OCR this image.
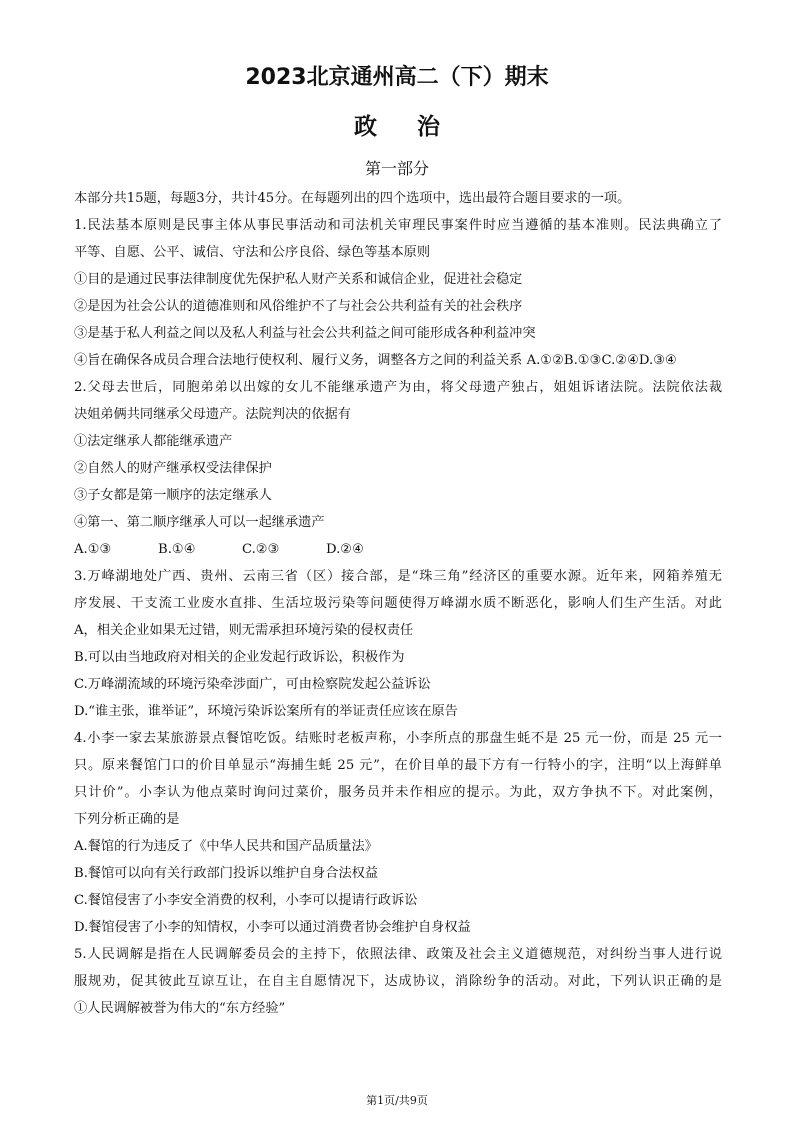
2023北京通州高二（下）期末
政治
第一部分
本部分共15题，每题3分，共计45分。在每题列出的四个选项中，选出最符合题目要求的一项。
1.民法基本原则是民事主体从事民事活动和司法机关审理民事案件时应当遵循的基本准则。民法典确立了
平等、自愿、公平、诚信、守法和公序良俗、绿色等基本原则
①目的是通过民事法律制度优先保护私人财产关系和诚信企业，促进社会稳定
②是因为社会公认的道德准则和风俗维护不了与社会公共利益有关的社会秩序
③是基于私人利益之间以及私人利益与社会公共利益之间可能形成各种利益冲突
④旨在确保各成员合理合法地行使权利、履行义务，调整各方之间的利益关系 A.①②B.①③C.②④D.③④
2.父母去世后，同胞弟弟以出嫁的女儿不能继承遗产为由，将父母遗产独占，姐姐诉诸法院。法院依法裁
决姐弟俩共同继承父母遗产。法院判决的依据有
①法定继承人都能继承遗产
②自然人的财产继承权受法律保护
③子女都是第一顺序的法定继承人
④第一、第二顺序继承人可以一起继承遗产
A.①③	B.①④	C.②③	D.②④
3.万峰湖地处广西、贵州、云南三省（区）接合部，是“珠三角”经济区的重要水源。近年来，网箱养殖无
序发展、干支流工业废水直排、生活垃圾污染等问题使得万峰湖水质不断恶化，影响人们生产生活。对此
A，相关企业如果无过错，则无需承担环境污染的侵权责任
B.可以由当地政府对相关的企业发起行政诉讼，积极作为
C.万峰湖流域的环境污染牵涉面广，可由检察院发起公益诉讼
D.“谁主张，谁举证”，环境污染诉讼案所有的举证责任应该在原告
4.小李一家去某旅游景点餐馆吃饭。结账时老板声称，小李所点的那盘生蚝不是 25 元一份，而是 25 元一
只。原来餐馆门口的价目单显示“海捕生蚝 25 元”，在价目单的最下方有一行特小的字，注明“以上海鲜单
只计价”。小李认为他点菜时询问过菜价，服务员并未作相应的提示。为此，双方争执不下。对此案例，
下列分析正确的是
A.餐馆的行为违反了《中华人民共和国产品质量法》
B.餐馆可以向有关行政部门投诉以维护自身合法权益
C.餐馆侵害了小李安全消费的权利，小李可以提请行政诉讼
D.餐馆侵害了小李的知情权，小李可以通过消费者协会维护自身权益
5.人民调解是指在人民调解委员会的主持下，依照法律、政策及社会主义道德规范，对纠纷当事人进行说
服规劝，促其彼此互谅互让，在自主自愿情况下，达成协议，消除纷争的活动。对此，下列认识正确的是
①人民调解被誉为伟大的“东方经验”
第1页/共9页
